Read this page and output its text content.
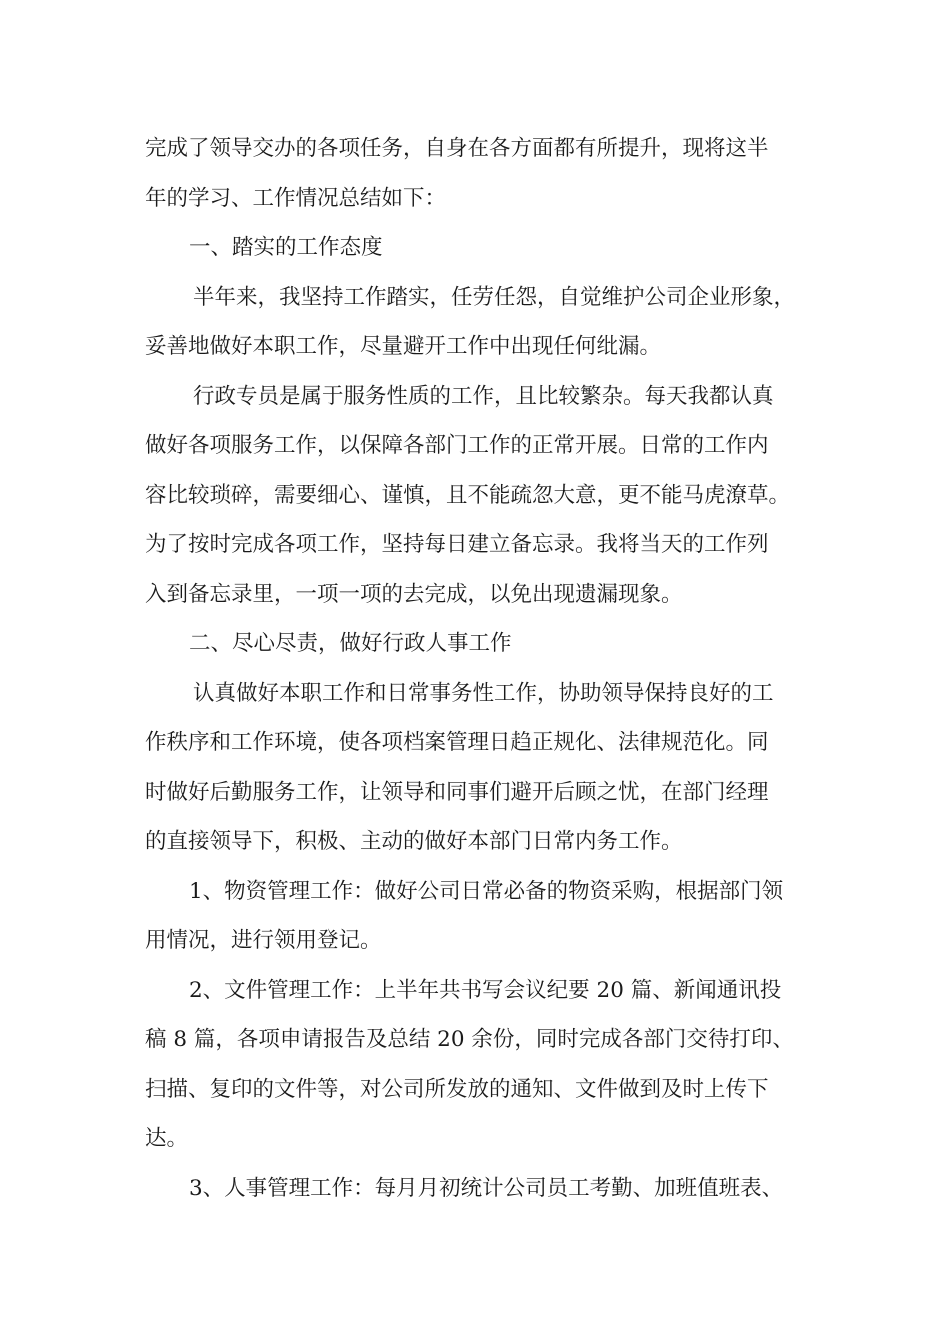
完成了领导交办的各项任务，自身在各方面都有所提升，现将这半
年的学习、工作情况总结如下：
一、踏实的工作态度
半年来，我坚持工作踏实，任劳任怨，自觉维护公司企业形象，
妥善地做好本职工作，尽量避开工作中出现任何纰漏。
行政专员是属于服务性质的工作，且比较繁杂。每天我都认真
做好各项服务工作，以保障各部门工作的正常开展。日常的工作内
容比较琐碎，需要细心、谨慎，且不能疏忽大意，更不能马虎潦草。
为了按时完成各项工作，坚持每日建立备忘录。我将当天的工作列
入到备忘录里，一项一项的去完成，以免出现遗漏现象。
二、尽心尽责，做好行政人事工作
认真做好本职工作和日常事务性工作，协助领导保持良好的工
作秩序和工作环境，使各项档案管理日趋正规化、法律规范化。同
时做好后勤服务工作，让领导和同事们避开后顾之忧，在部门经理
的直接领导下，积极、主动的做好本部门日常内务工作。
1、物资管理工作：做好公司日常必备的物资采购，根据部门领
用情况，进行领用登记。
2、文件管理工作：上半年共书写会议纪要 20 篇、新闻通讯投
稿 8 篇，各项申请报告及总结 20 余份，同时完成各部门交待打印、
扫描、复印的文件等，对公司所发放的通知、文件做到及时上传下
达。
3、人事管理工作：每月月初统计公司员工考勤、加班值班表、
